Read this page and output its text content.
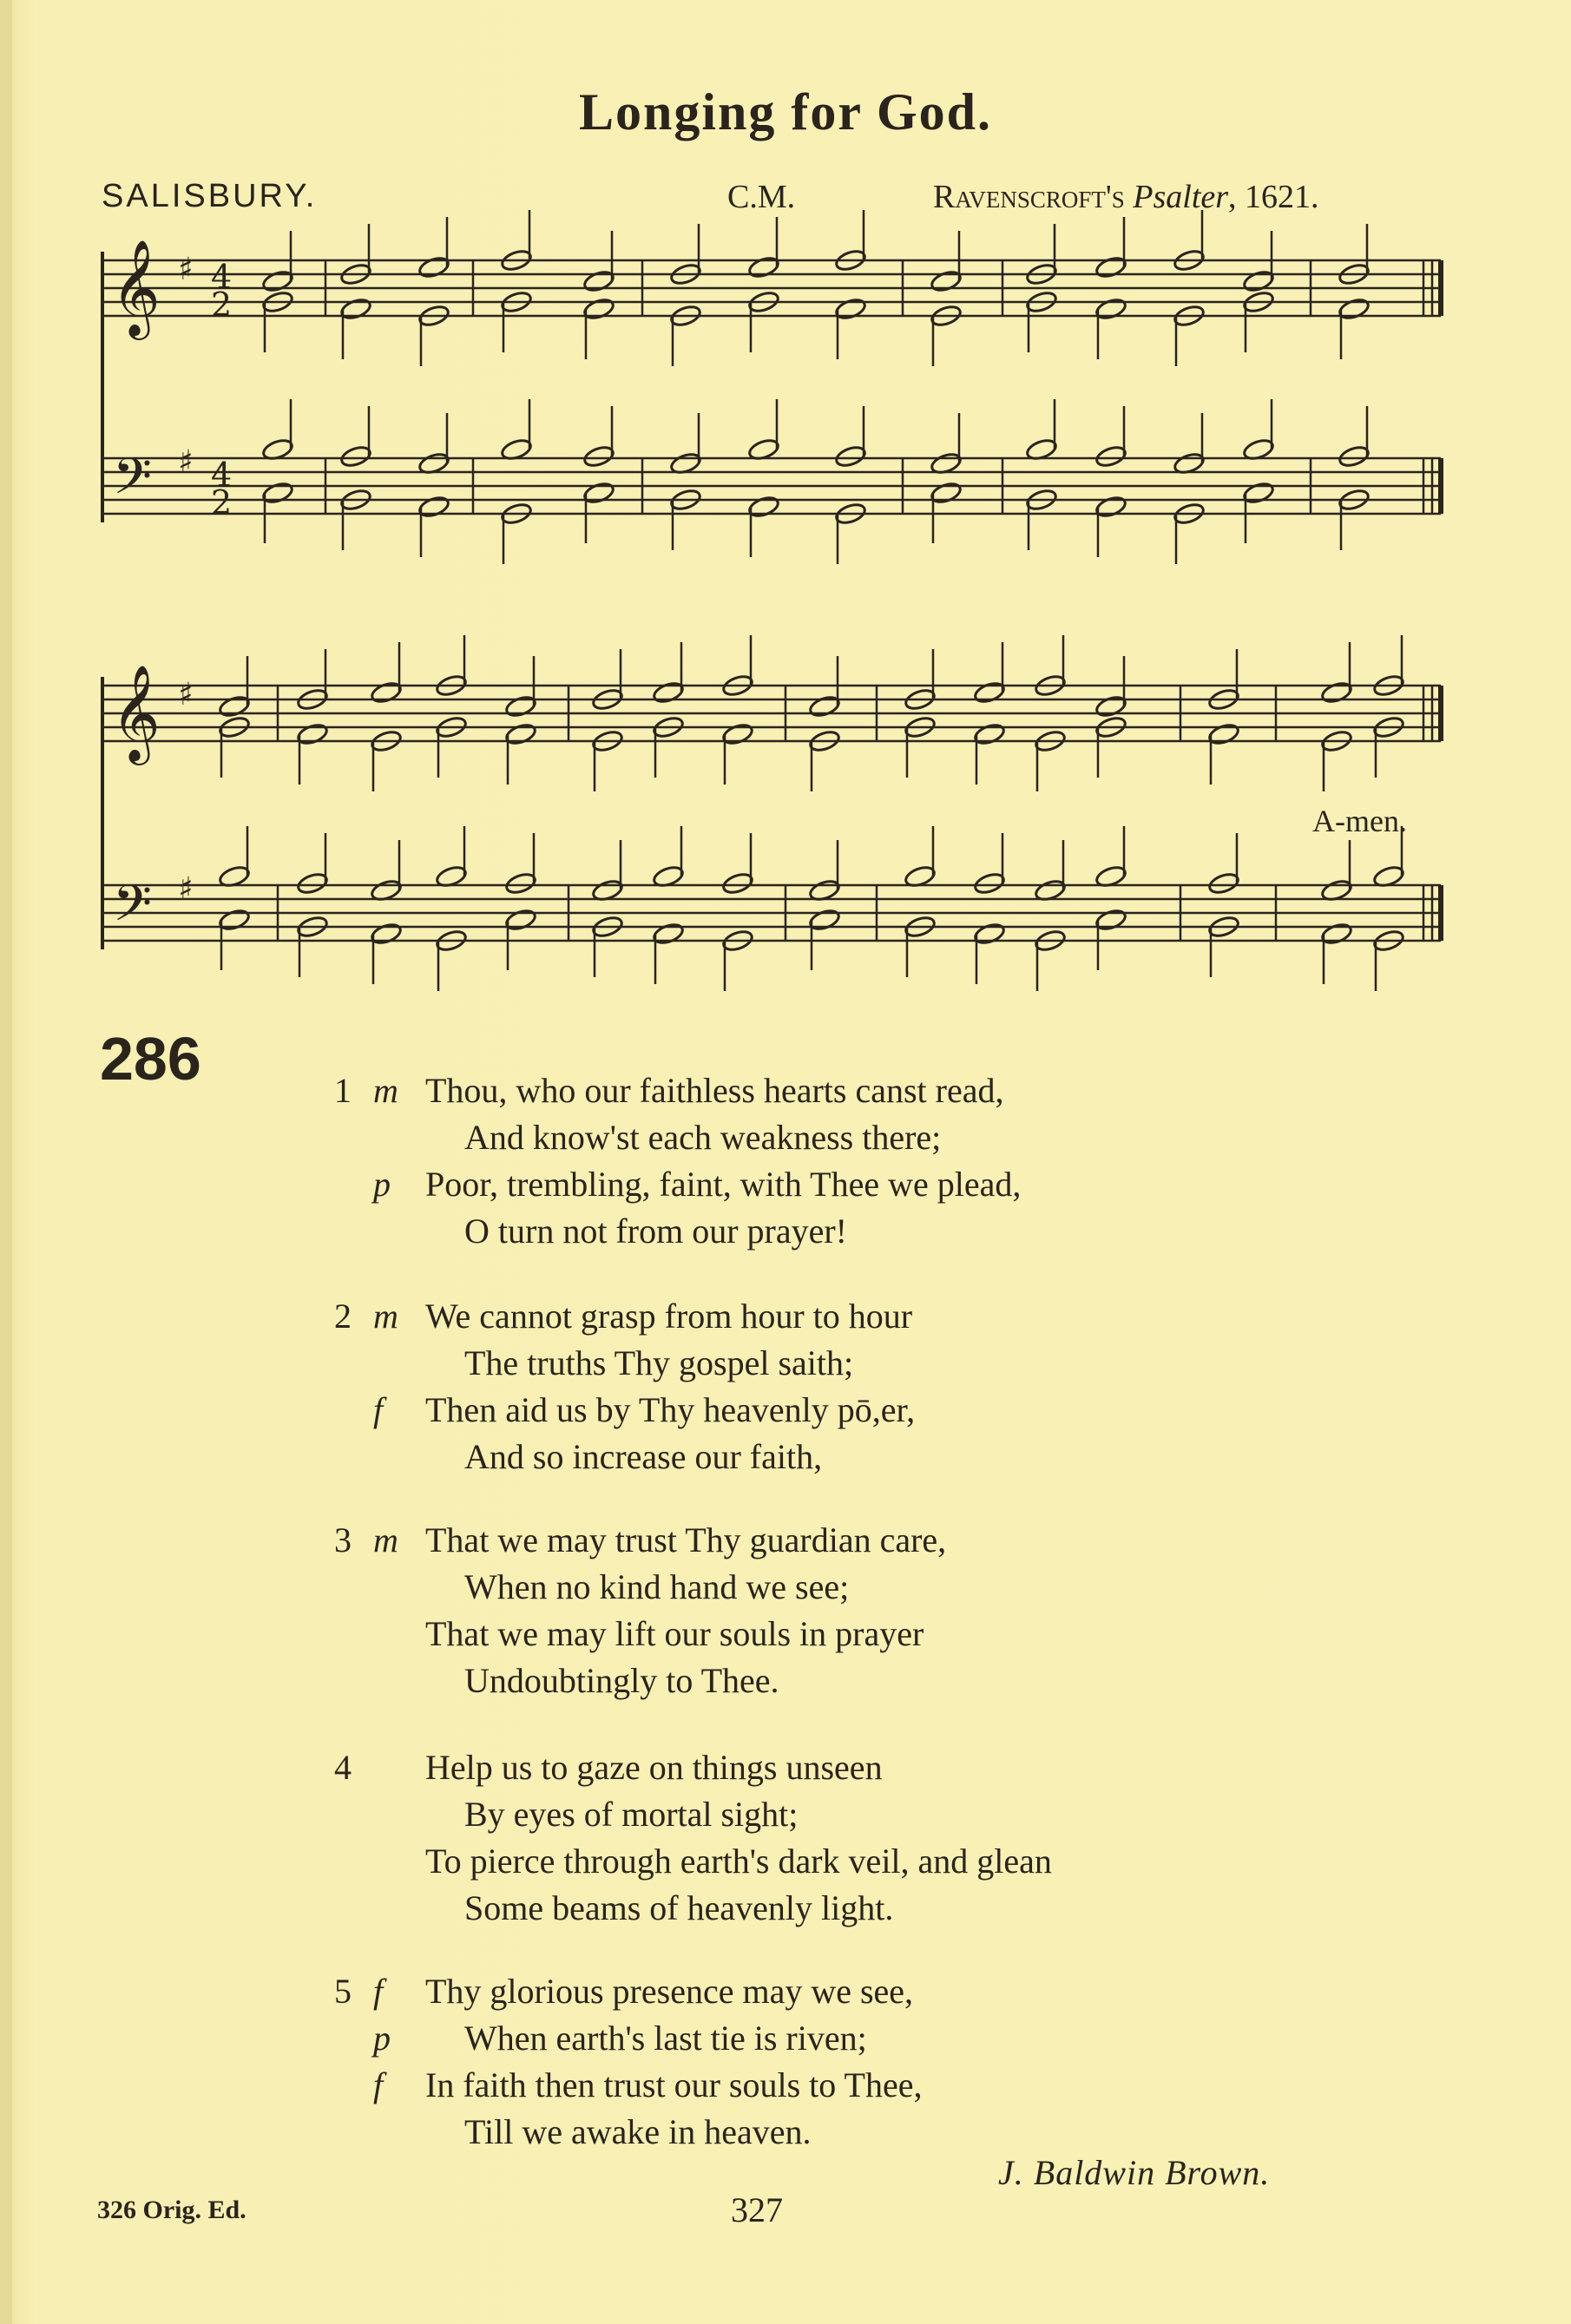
Longing for God.
SALISBURY.	C.M.	Ravenscroft's Psalter, 1621.
𝄞
𝄞
𝄢
𝄢
♯
♯
♯
♯
4
2
4
2
A-men.
286	1 m Thou, who our faithless hearts canst read,
And know'st each weakness there;
p Poor, trembling, faint, with Thee we plead,
O turn not from our prayer!
2 m We cannot grasp from hour to hour
The truths Thy gospel saith;
f Then aid us by Thy heavenly pō,er,
And so increase our faith,
3 m That we may trust Thy guardian care,
When no kind hand we see;
That we may lift our souls in prayer
Undoubtingly to Thee.
4 Help us to gaze on things unseen
By eyes of mortal sight;
To pierce through earth's dark veil, and glean
Some beams of heavenly light.
5 f Thy glorious presence may we see,
p When earth's last tie is riven;
f In faith then trust our souls to Thee,
Till we awake in heaven.
J. Baldwin Brown.
326 Orig. Ed.	327
